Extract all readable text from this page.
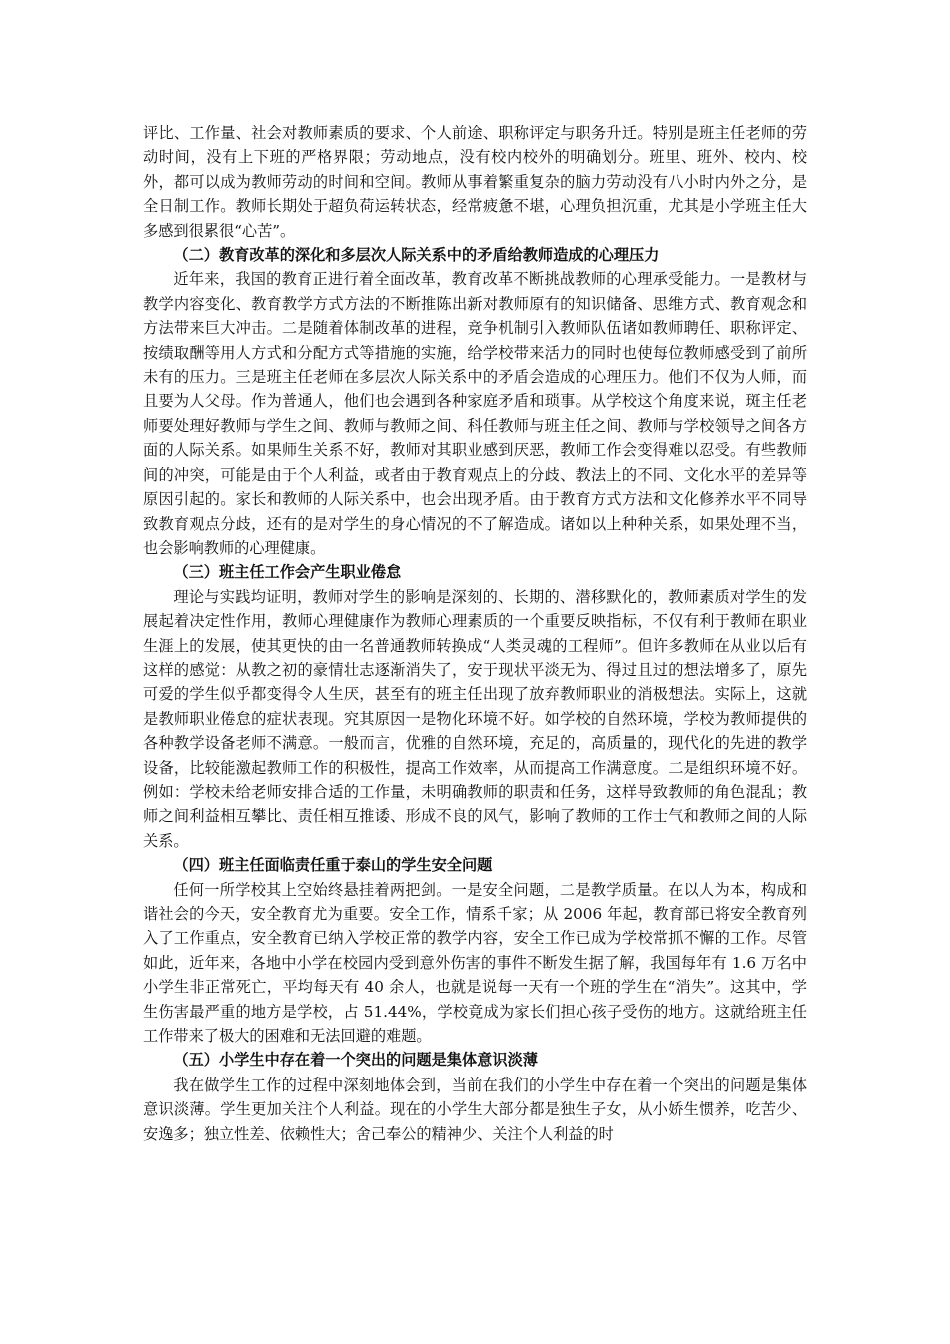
评比、工作量、社会对教师素质的要求、个人前途、职称评定与职务升迁。特别是班主任老师的劳动时间，没有上下班的严格界限；劳动地点，没有校内校外的明确划分。班里、班外、校内、校外，都可以成为教师劳动的时间和空间。教师从事着繁重复杂的脑力劳动没有八小时内外之分，是全日制工作。教师长期处于超负荷运转状态，经常疲惫不堪，心理负担沉重，尤其是小学班主任大多感到很累很“心苦”。

（二）教育改革的深化和多层次人际关系中的矛盾给教师造成的心理压力

近年来，我国的教育正进行着全面改革，教育改革不断挑战教师的心理承受能力。一是教材与教学内容变化、教育教学方式方法的不断推陈出新对教师原有的知识储备、思维方式、教育观念和方法带来巨大冲击。二是随着体制改革的进程，竞争机制引入教师队伍诸如教师聘任、职称评定、按绩取酬等用人方式和分配方式等措施的实施，给学校带来活力的同时也使每位教师感受到了前所未有的压力。三是班主任老师在多层次人际关系中的矛盾会造成的心理压力。他们不仅为人师，而且要为人父母。作为普通人，他们也会遇到各种家庭矛盾和琐事。从学校这个角度来说，斑主任老师要处理好教师与学生之间、教师与教师之间、科任教师与班主任之间、教师与学校领导之间各方面的人际关系。如果师生关系不好，教师对其职业感到厌恶，教师工作会变得难以忍受。有些教师间的冲突，可能是由于个人利益，或者由于教育观点上的分歧、教法上的不同、文化水平的差异等原因引起的。家长和教师的人际关系中，也会出现矛盾。由于教育方式方法和文化修养水平不同导致教育观点分歧，还有的是对学生的身心情况的不了解造成。诸如以上种种关系，如果处理不当，也会影响教师的心理健康。

（三）班主任工作会产生职业倦怠

理论与实践均证明，教师对学生的影响是深刻的、长期的、潜移默化的，教师素质对学生的发展起着决定性作用，教师心理健康作为教师心理素质的一个重要反映指标，不仅有利于教师在职业生涯上的发展，使其更快的由一名普通教师转换成“人类灵魂的工程师”。但许多教师在从业以后有这样的感觉：从教之初的豪情壮志逐渐消失了，安于现状平淡无为、得过且过的想法增多了，原先可爱的学生似乎都变得令人生厌，甚至有的班主任出现了放弃教师职业的消极想法。实际上，这就是教师职业倦怠的症状表现。究其原因一是物化环境不好。如学校的自然环境，学校为教师提供的各种教学设备老师不满意。一般而言，优雅的自然环境，充足的，高质量的，现代化的先进的教学设备，比较能激起教师工作的积极性，提高工作效率，从而提高工作满意度。二是组织环境不好。例如：学校未给老师安排合适的工作量，未明确教师的职责和任务，这样导致教师的角色混乱；教师之间利益相互攀比、责任相互推诿、形成不良的风气，影响了教师的工作士气和教师之间的人际关系。

（四）班主任面临责任重于泰山的学生安全问题

任何一所学校其上空始终悬挂着两把剑。一是安全问题，二是教学质量。在以人为本，构成和谐社会的今天，安全教育尤为重要。安全工作，情系千家；从 2006 年起，教育部已将安全教育列入了工作重点，安全教育已纳入学校正常的教学内容，安全工作已成为学校常抓不懈的工作。尽管如此，近年来，各地中小学在校园内受到意外伤害的事件不断发生据了解，我国每年有 1.6 万名中小学生非正常死亡，平均每天有 40 余人，也就是说每一天有一个班的学生在“消失”。这其中，学生伤害最严重的地方是学校，占 51.44%，学校竟成为家长们担心孩子受伤的地方。这就给班主任工作带来了极大的困难和无法回避的难题。

（五）小学生中存在着一个突出的问题是集体意识淡薄

我在做学生工作的过程中深刻地体会到，当前在我们的小学生中存在着一个突出的问题是集体意识淡薄。学生更加关注个人利益。现在的小学生大部分都是独生子女，从小娇生惯养，吃苦少、安逸多；独立性差、依赖性大；舍己奉公的精神少、关注个人利益的时
